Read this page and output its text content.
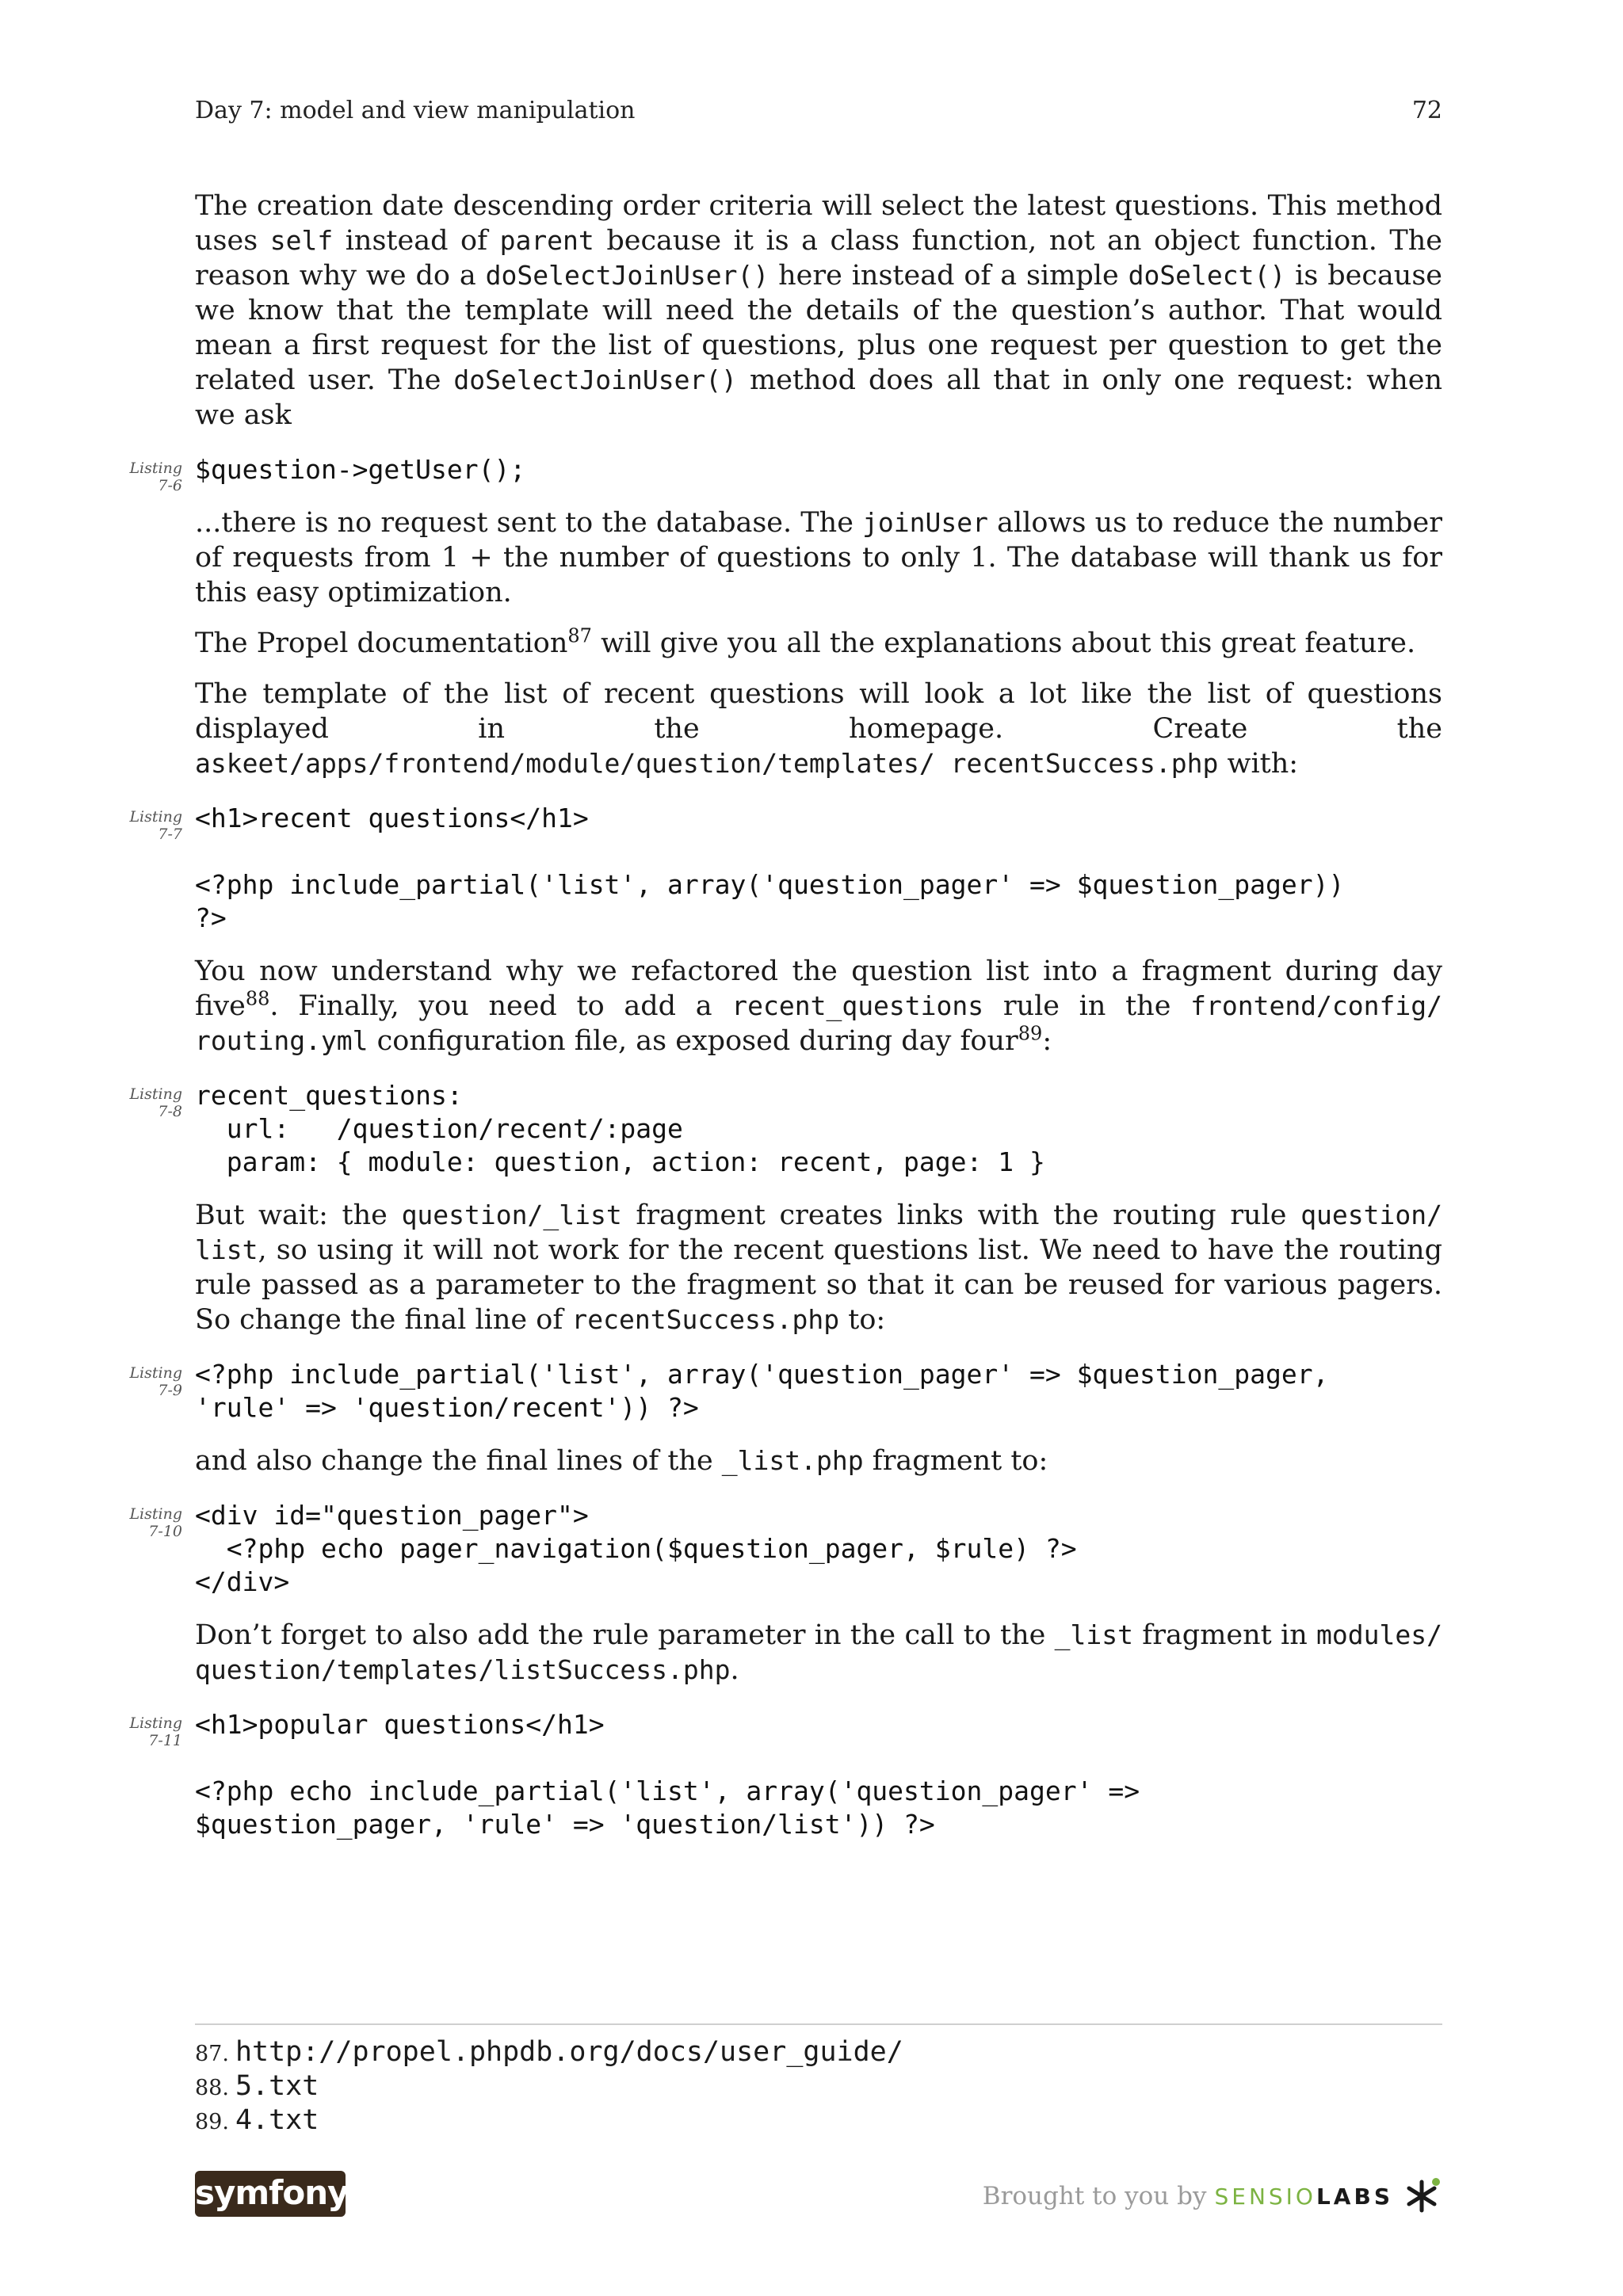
Day 7: model and view manipulation	72

The creation date descending order criteria will select the latest questions. This method uses self instead of parent because it is a class function, not an object function. The reason why we do a doSelectJoinUser() here instead of a simple doSelect() is because we know that the template will need the details of the question’s author. That would mean a first request for the list of questions, plus one request per question to get the related user. The doSelectJoinUser() method does all that in only one request: when we ask

Listing
7-6
$question->getUser();

...there is no request sent to the database. The joinUser allows us to reduce the number of requests from 1 + the number of questions to only 1. The database will thank us for this easy optimization.

The Propel documentation$^{87}$ will give you all the explanations about this great feature.

The template of the list of recent questions will look a lot like the list of questions displayed in the homepage. Create the askeet/apps/frontend/module/question/templates/ recentSuccess.php with:

Listing
7-7
<h1>recent questions</h1>

<?php include_partial('list', array('question_pager' => $question_pager))
?>

You now understand why we refactored the question list into a fragment during day five$^{88}$. Finally, you need to add a recent_questions rule in the frontend/config/ routing.yml configuration file, as exposed during day four$^{89}$:

Listing
7-8
recent_questions:
url:   /question/recent/:page
param: { module: question, action: recent, page: 1 }

But wait: the question/_list fragment creates links with the routing rule question/ list, so using it will not work for the recent questions list. We need to have the routing rule passed as a parameter to the fragment so that it can be reused for various pagers. So change the final line of recentSuccess.php to:

Listing
7-9
<?php include_partial('list', array('question_pager' => $question_pager,
'rule' => 'question/recent')) ?>

and also change the final lines of the _list.php fragment to:

Listing
7-10
<div id="question_pager">
<?php echo pager_navigation($question_pager, $rule) ?>
</div>

Don’t forget to also add the rule parameter in the call to the _list fragment in modules/ question/templates/listSuccess.php.

Listing
7-11
<h1>popular questions</h1>

<?php echo include_partial('list', array('question_pager' =>
$question_pager, 'rule' => 'question/list')) ?>
87. http://propel.phpdb.org/docs/user_guide/
88. 5.txt
89. 4.txt
symfony	Brought to you by SENSIOLABS
